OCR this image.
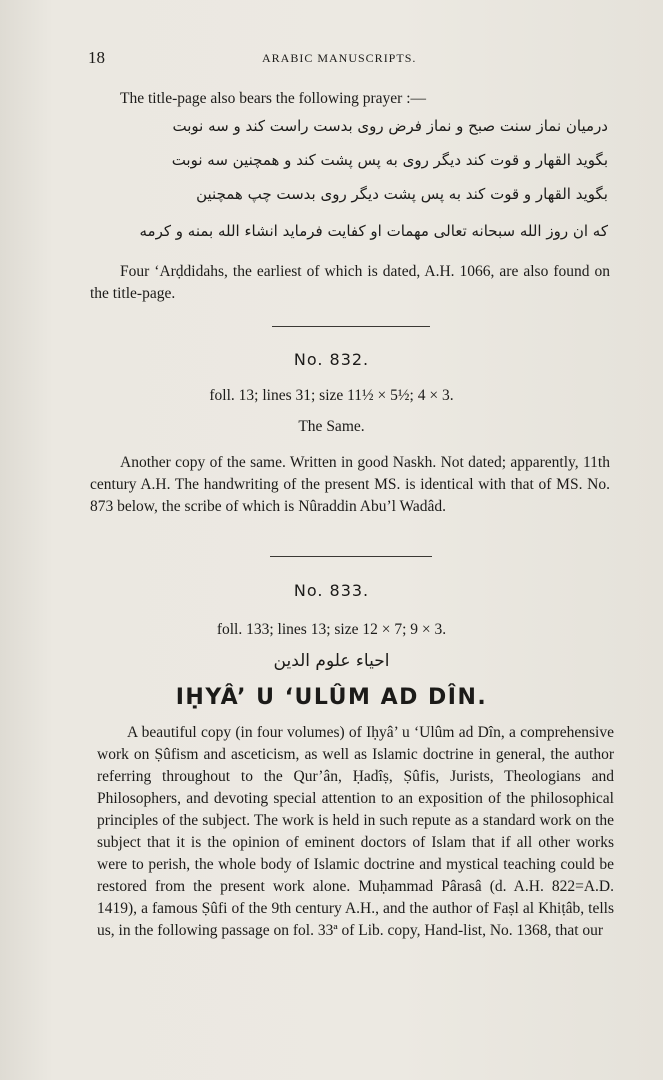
18	ARABIC MANUSCRIPTS.
The title-page also bears the following prayer :—
درمیان نماز سنت صبح و نماز فرض روی بدست راست کند و سه نوبت
بگوید القهار و قوت کند دیگر روی به پس پشت کند و همچنین سه نوبت
بگوید القهار و قوت کند به پس پشت دیگر روی بدست چپ همچنین
که ان روز الله سبحانه تعالی مهمات او کفایت فرماید انشاء الله بمنه و کرمه
Four ‘Arḍdidahs, the earliest of which is dated, A.H. 1066, are also found on the title-page.
No. 832.
foll. 13; lines 31; size 11½ × 5½; 4 × 3.
The Same.
Another copy of the same. Written in good Naskh. Not dated; apparently, 11th century A.H. The handwriting of the present MS. is identical with that of MS. No. 873 below, the scribe of which is Nûraddin Abu’l Wadâd.
No. 833.
foll. 133; lines 13; size 12 × 7; 9 × 3.
احياء علوم الدين
IḤYÂ’ U ‘ULÛM AD DÎN.
A beautiful copy (in four volumes) of Iḥyâ’ u ‘Ulûm ad Dîn, a comprehensive work on Ṣûfism and asceticism, as well as Islamic doctrine in general, the author referring throughout to the Qur’ân, Ḥadîṣ, Ṣûfis, Jurists, Theologians and Philosophers, and devoting special attention to an exposition of the philosophical principles of the subject. The work is held in such repute as a standard work on the subject that it is the opinion of eminent doctors of Islam that if all other works were to perish, the whole body of Islamic doctrine and mystical teaching could be restored from the present work alone. Muḥammad Pârasâ (d. A.H. 822=A.D. 1419), a famous Ṣûfi of the 9th century A.H., and the author of Faṣl al Khiṭâb, tells us, in the following passage on fol. 33ª of Lib. copy, Hand-list, No. 1368, that our
